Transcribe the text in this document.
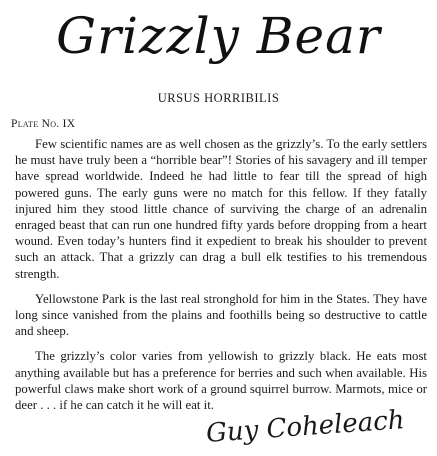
Grizzly Bear
URSUS HORRIBILIS
Plate No. IX

Few scientific names are as well chosen as the grizzly’s. To the early settlers he must have truly been a “horrible bear”! Stories of his savagery and ill temper have spread worldwide. Indeed he had little to fear till the spread of high powered guns. The early guns were no match for this fellow. If they fatally injured him they stood little chance of surviving the charge of an adrenalin enraged beast that can run one hundred fifty yards before dropping from a heart wound. Even today’s hunters find it expedient to break his shoulder to prevent such an attack. That a grizzly can drag a bull elk testifies to his tremendous strength.

Yellowstone Park is the last real stronghold for him in the States. They have long since vanished from the plains and foothills being so destructive to cattle and sheep.

The grizzly’s color varies from yellowish to grizzly black. He eats most anything available but has a preference for berries and such when available. His powerful claws make short work of a ground squirrel burrow. Marmots, mice or deer . . . if he can catch it he will eat it.

Guy Coheleach
